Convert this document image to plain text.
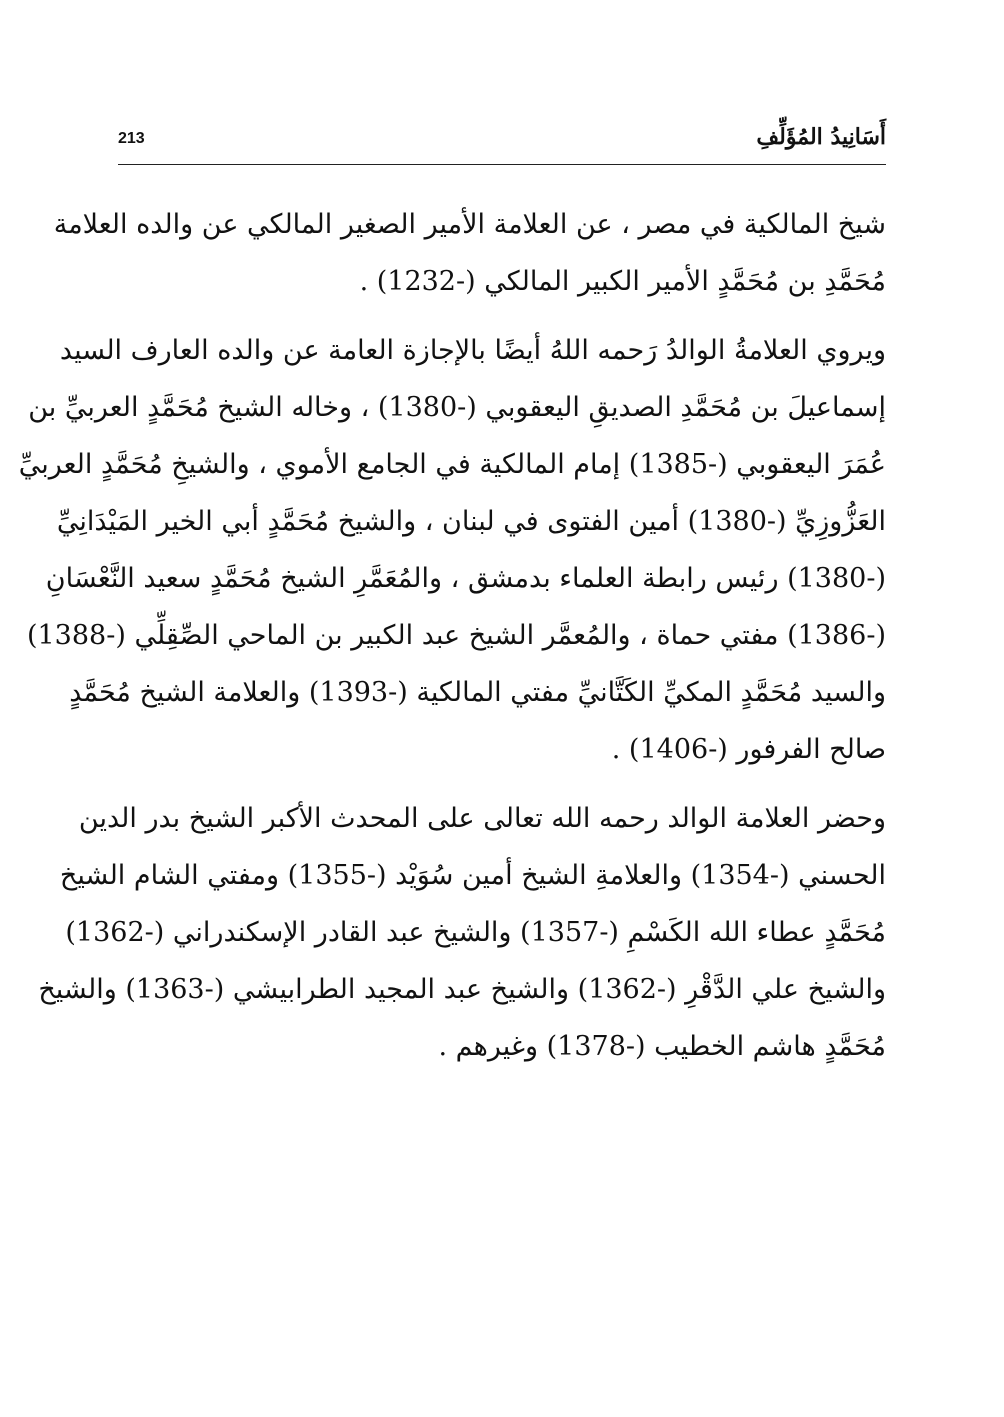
213	أَسَانِيدُ المُؤَلِّفِ
شيخ المالكية في مصر ، عن العلامة الأمير الصغير المالكي عن والده العلامة
مُحَمَّدِ بن مُحَمَّدٍ الأمير الكبير المالكي (-1232) .
ويروي العلامةُ الوالدُ رَحمه اللهُ أيضًا بالإجازة العامة عن والده العارف السيد
إسماعيلَ بن مُحَمَّدِ الصديقِ اليعقوبي (-1380) ، وخاله الشيخ مُحَمَّدٍ العربيِّ بن
عُمَرَ اليعقوبي (-1385) إمام المالكية في الجامع الأموي ، والشيخِ مُحَمَّدٍ العربيِّ
العَزُّوزِيِّ (-1380) أمين الفتوى في لبنان ، والشيخ مُحَمَّدٍ أبي الخير المَيْدَانِيِّ
(-1380) رئيس رابطة العلماء بدمشق ، والمُعَمَّرِ الشيخ مُحَمَّدٍ سعيد النَّعْسَانِ
(-1386) مفتي حماة ، والمُعمَّر الشيخ عبد الكبير بن الماحي الصِّقِلِّي (-1388)
والسيد مُحَمَّدٍ المكيِّ الكَتَّانيِّ مفتي المالكية (-1393) والعلامة الشيخ مُحَمَّدٍ
صالح الفرفور (-1406) .
وحضر العلامة الوالد رحمه الله تعالى على المحدث الأكبر الشيخ بدر الدين
الحسني (-1354) والعلامةِ الشيخ أمين سُوَيْد (-1355) ومفتي الشام الشيخ
مُحَمَّدٍ عطاء الله الكَسْمِ (-1357) والشيخ عبد القادر الإسكندراني (-1362)
والشيخ علي الدَّقْرِ (-1362) والشيخ عبد المجيد الطرابيشي (-1363) والشيخ
مُحَمَّدٍ هاشم الخطيب (-1378) وغيرهم .
